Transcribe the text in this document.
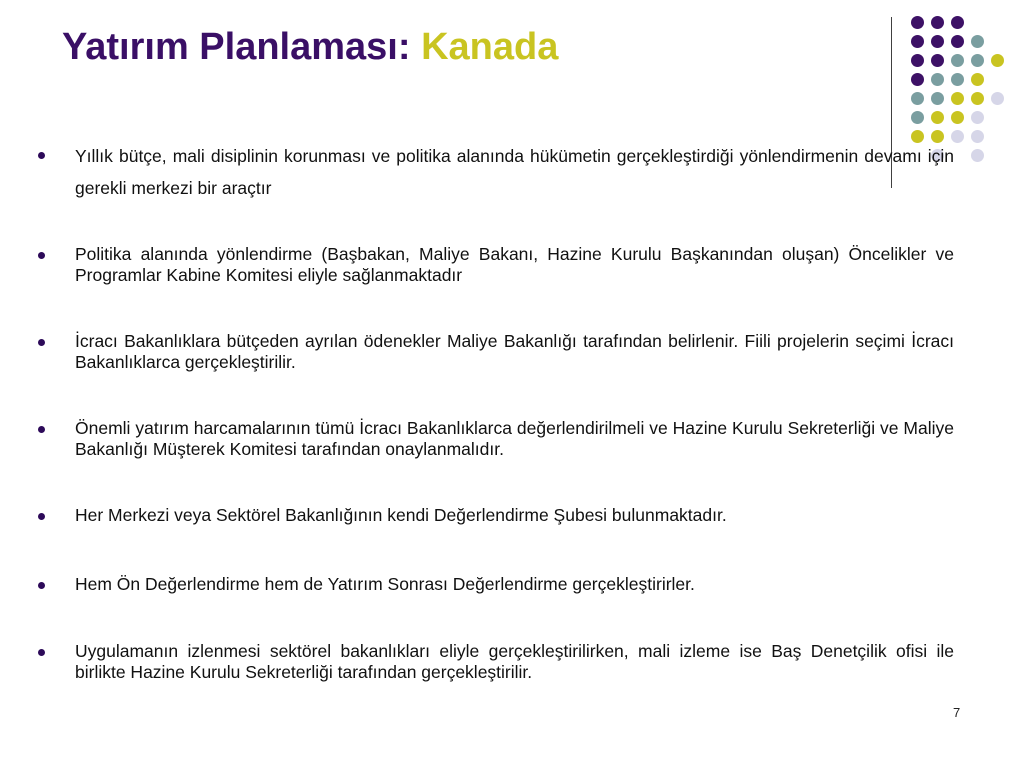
Yatırım Planlaması: Kanada
Yıllık bütçe, mali disiplinin korunması ve politika alanında hükümetin gerçekleştirdiği yönlendirmenin devamı için gerekli merkezi bir araçtır
Politika alanında yönlendirme (Başbakan, Maliye Bakanı, Hazine Kurulu Başkanından oluşan) Öncelikler ve Programlar Kabine Komitesi eliyle sağlanmaktadır
İcracı Bakanlıklara bütçeden ayrılan ödenekler Maliye Bakanlığı tarafından belirlenir. Fiili projelerin seçimi İcracı Bakanlıklarca gerçekleştirilir.
Önemli yatırım harcamalarının tümü İcracı Bakanlıklarca değerlendirilmeli ve Hazine Kurulu Sekreterliği ve Maliye Bakanlığı Müşterek Komitesi tarafından onaylanmalıdır.
Her Merkezi veya Sektörel Bakanlığının kendi Değerlendirme Şubesi bulunmaktadır.
Hem Ön Değerlendirme hem de Yatırım Sonrası Değerlendirme gerçekleştirirler.
Uygulamanın izlenmesi sektörel bakanlıkları eliyle gerçekleştirilirken, mali izleme ise Baş Denetçilik ofisi ile birlikte Hazine Kurulu Sekreterliği tarafından gerçekleştirilir.
7
